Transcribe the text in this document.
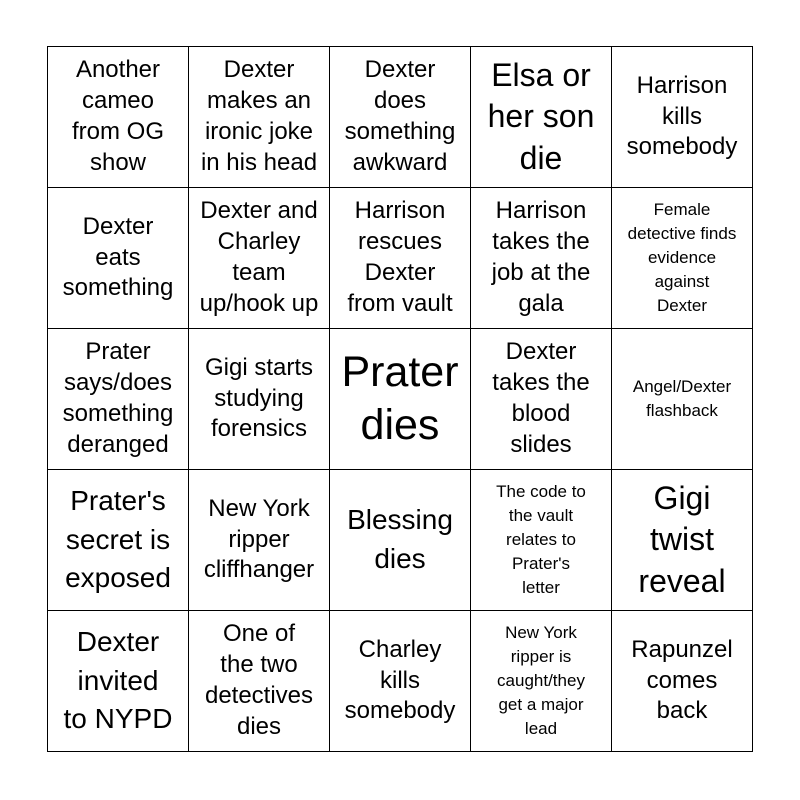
Another
cameo
from OG
show
Dexter
makes an
ironic joke
in his head
Dexter
does
something
awkward
Elsa or
her son
die
Harrison
kills
somebody
Dexter
eats
something
Dexter and
Charley
team
up/hook up
Harrison
rescues
Dexter
from vault
Harrison
takes the
job at the
gala
Female
detective finds
evidence
against
Dexter
Prater
says/does
something
deranged
Gigi starts
studying
forensics
Prater
dies
Dexter
takes the
blood
slides
Angel/Dexter
flashback
Prater's
secret is
exposed
New York
ripper
cliffhanger
Blessing
dies
The code to
the vault
relates to
Prater's
letter
Gigi
twist
reveal
Dexter
invited
to NYPD
One of
the two
detectives
dies
Charley
kills
somebody
New York
ripper is
caught/they
get a major
lead
Rapunzel
comes
back
